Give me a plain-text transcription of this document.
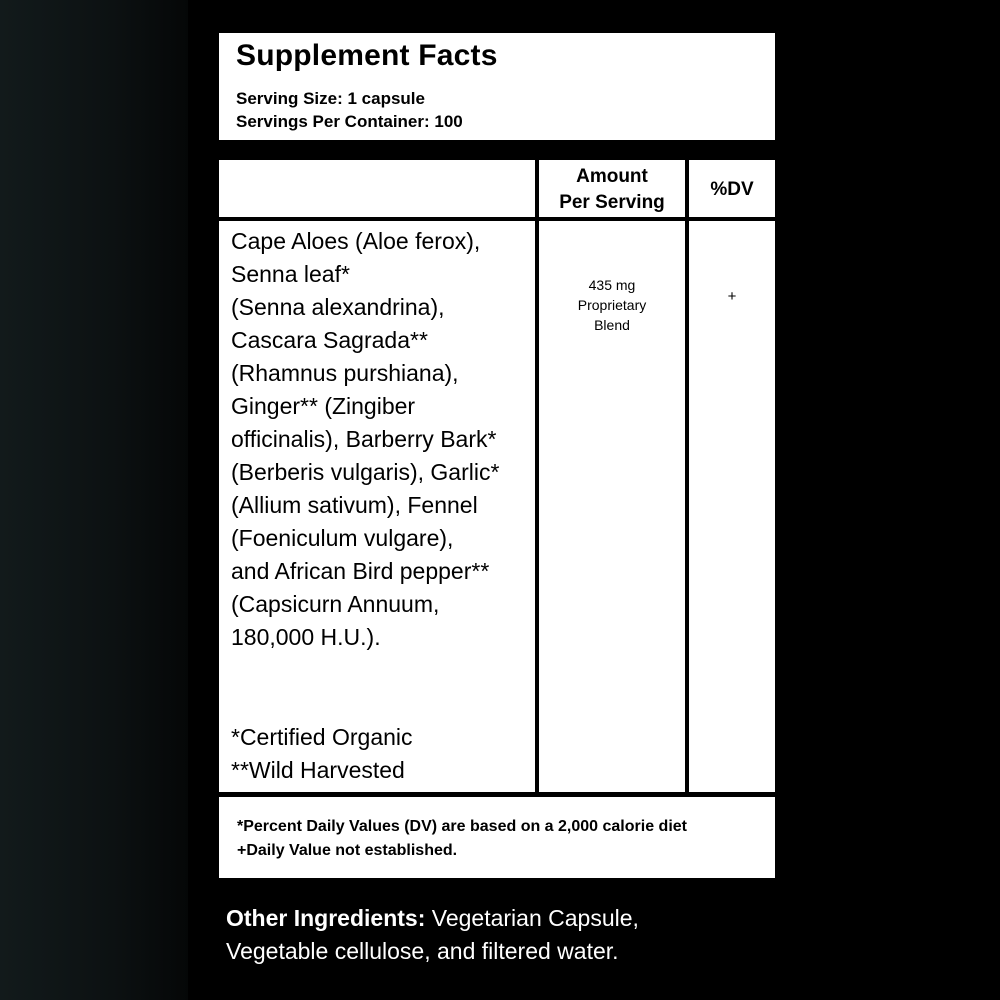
Supplement Facts
Serving Size: 1 capsule
Servings Per Container: 100
Amount
Per Serving
%DV
Cape Aloes (Aloe ferox),
Senna leaf*
(Senna alexandrina),
Cascara Sagrada**
(Rhamnus purshiana),
Ginger** (Zingiber
officinalis), Barberry Bark*
(Berberis vulgaris), Garlic*
(Allium sativum), Fennel
(Foeniculum vulgare),
and African Bird pepper**
(Capsicurn Annuum,
180,000 H.U.).
435 mg
Proprietary
Blend
+
*Certified Organic
**Wild Harvested
*Percent Daily Values (DV) are based on a 2,000 calorie diet
+Daily Value not established.
Other Ingredients: Vegetarian Capsule,
Vegetable cellulose, and filtered water.
